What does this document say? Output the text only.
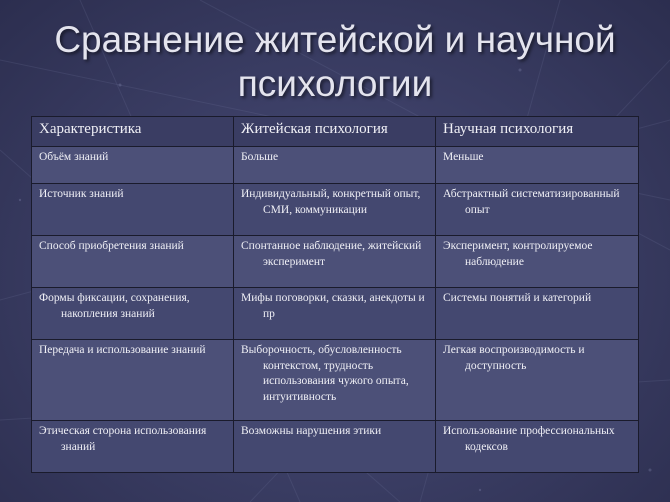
Сравнение житейской и научной
психологии
Характеристика	Житейская психология	Научная психология

Объём знаний	Больше	Меньше

Источник знаний	Индивидуальный, конкретный опыт, СМИ, коммуникации	Абстрактный систематизированный опыт

Способ приобретения знаний	Спонтанное наблюдение, житейский эксперимент	Эксперимент, контролируемое наблюдение

Формы фиксации, сохранения, накопления знаний	Мифы поговорки, сказки, анекдоты и пр	Системы понятий и категорий

Передача и использование знаний	Выборочность, обусловленность контекстом, трудность использования чужого опыта, интуитивность	Легкая воспроизводимость и доступность

Этическая сторона использования знаний	Возможны нарушения этики	Использование профессиональных кодексов
